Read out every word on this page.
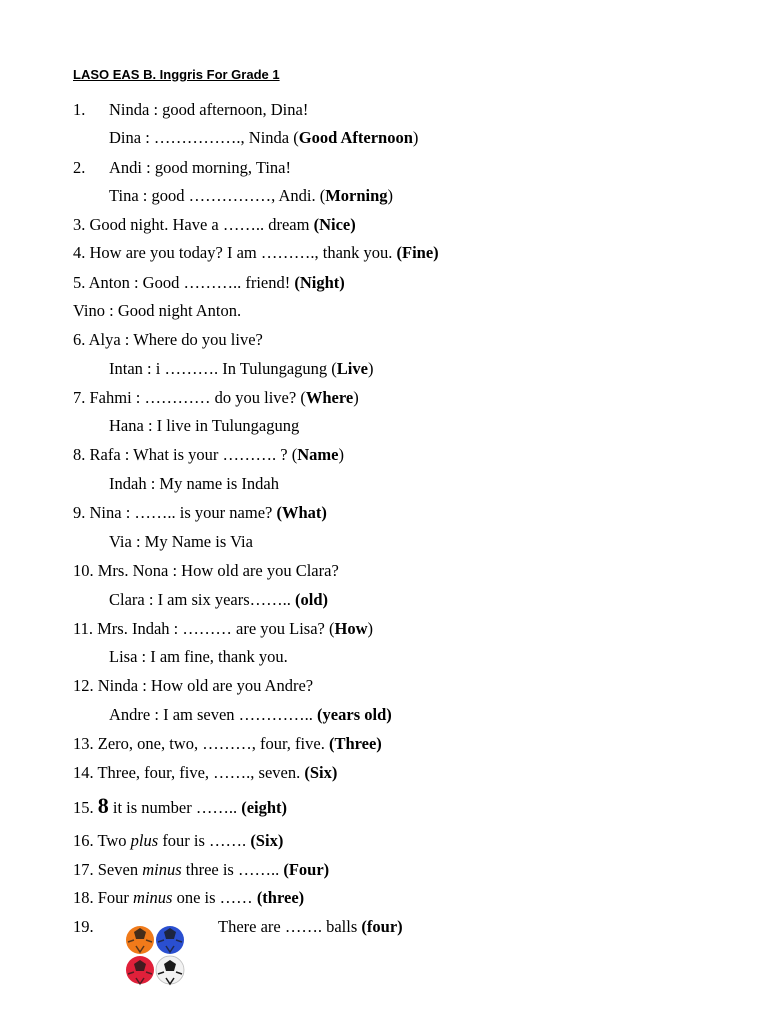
LASO EAS B. Inggris For Grade 1
1. Ninda : good afternoon, Dina!
Dina : ……………., Ninda (Good Afternoon)
2. Andi : good morning, Tina!
Tina : good ……………, Andi. (Morning)
3. Good night. Have a …….. dream (Nice)
4. How are you today? I am ………., thank you. (Fine)
5. Anton : Good ……….. friend! (Night)
Vino : Good night Anton.
6. Alya : Where do you live?
Intan : i ………. In Tulungagung (Live)
7. Fahmi : ………… do you live? (Where)
Hana : I live in Tulungagung
8. Rafa : What is your ………. ? (Name)
Indah : My name is Indah
9. Nina : …….. is your name? (What)
Via : My Name is Via
10. Mrs. Nona : How old are you Clara?
Clara : I am six years…….. (old)
11. Mrs. Indah : ……… are you Lisa? (How)
Lisa : I am fine, thank you.
12. Ninda : How old are you Andre?
Andre : I am seven ………….. (years old)
13. Zero, one, two, ………, four, five. (Three)
14. Three, four, five, ……., seven. (Six)
15. 8 it is number …….. (eight)
16. Two plus four is ……. (Six)
17. Seven minus three is …….. (Four)
18. Four minus one is …… (three)
19.	There are ……. balls (four)
